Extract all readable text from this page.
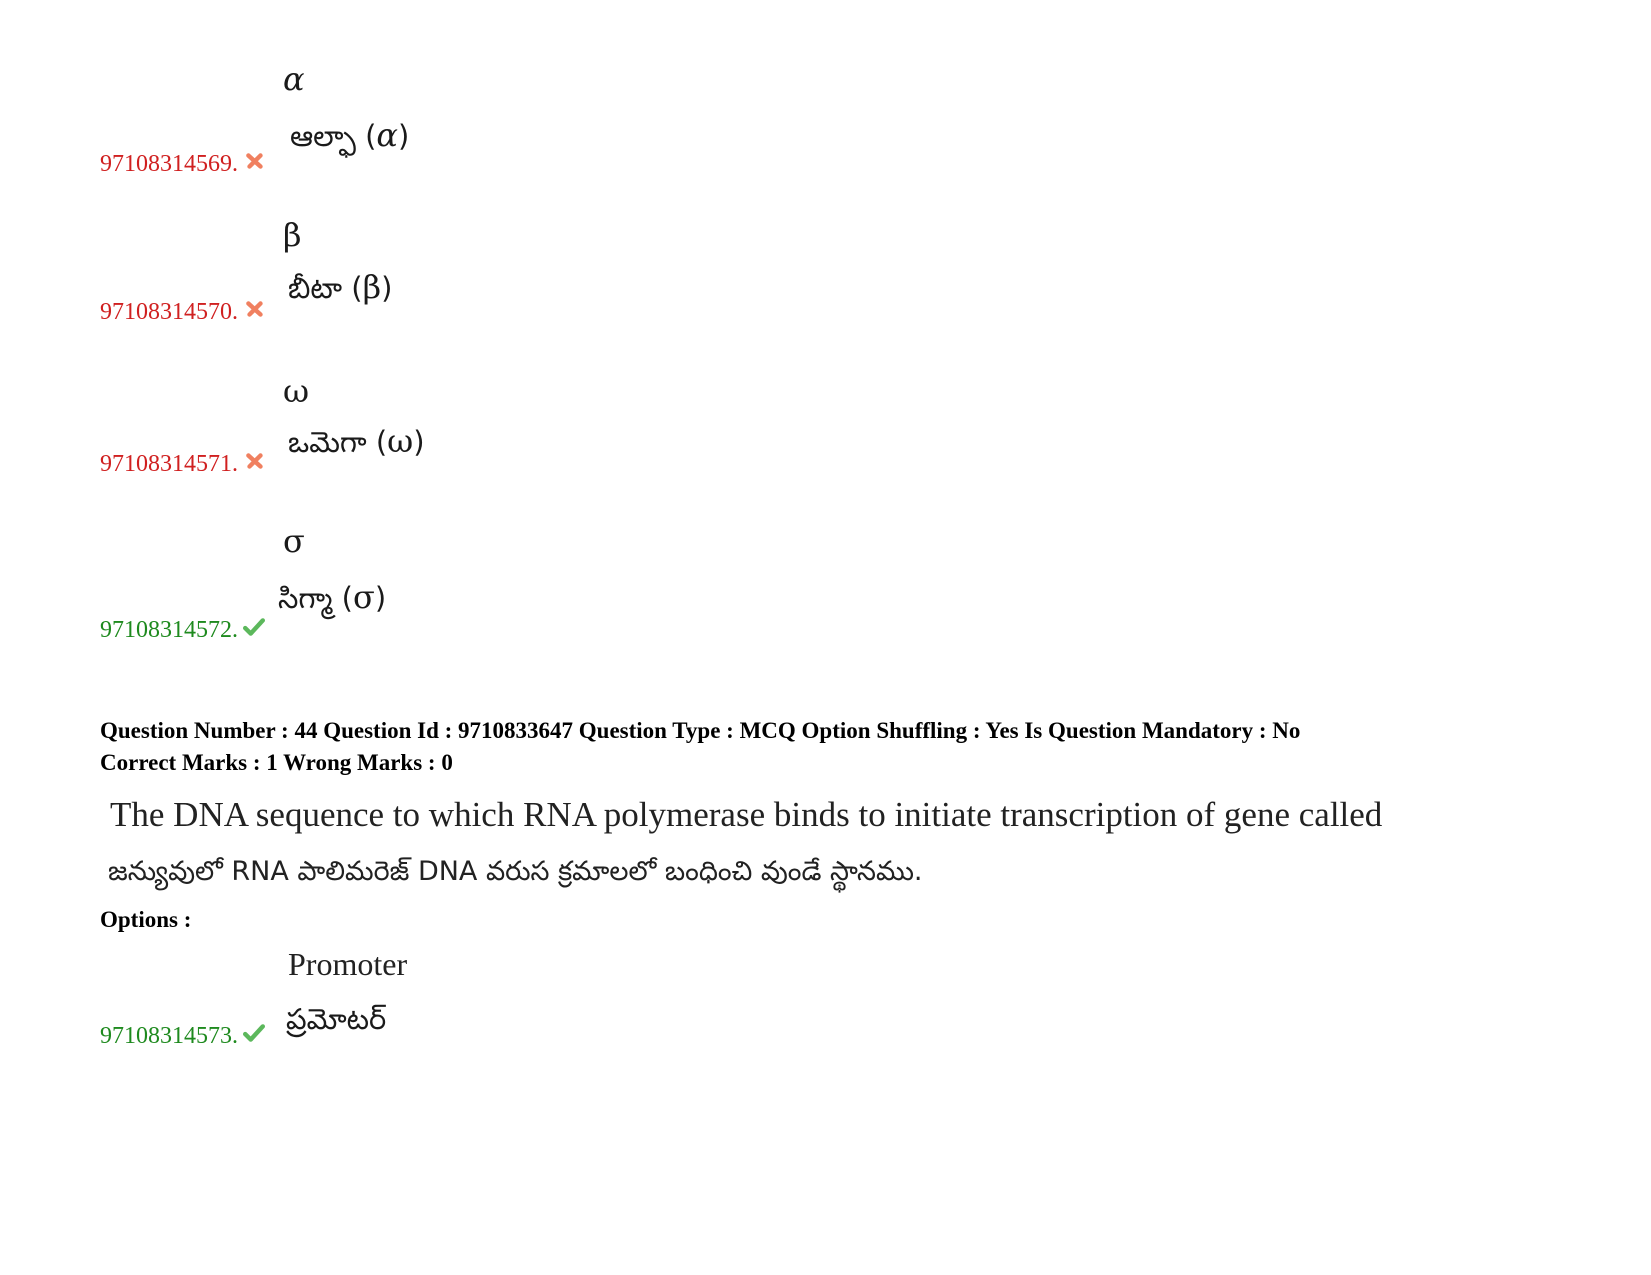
α
ఆల్ఫా (α)
97108314569.
β
బీటా (β)
97108314570.
ω
ఒమెగా (ω)
97108314571.
σ
సిగ్మా (σ)
97108314572.
Question Number : 44 Question Id : 9710833647 Question Type : MCQ Option Shuffling : Yes Is Question Mandatory : No
Correct Marks : 1 Wrong Marks : 0
The DNA sequence to which RNA polymerase binds to initiate transcription of gene called
జన్యువులో RNA పాలిమరెజ్ DNA వరుస క్రమాలలో బంధించి వుండే స్థానము.
Options :
Promoter
ప్రమోటర్
97108314573.
